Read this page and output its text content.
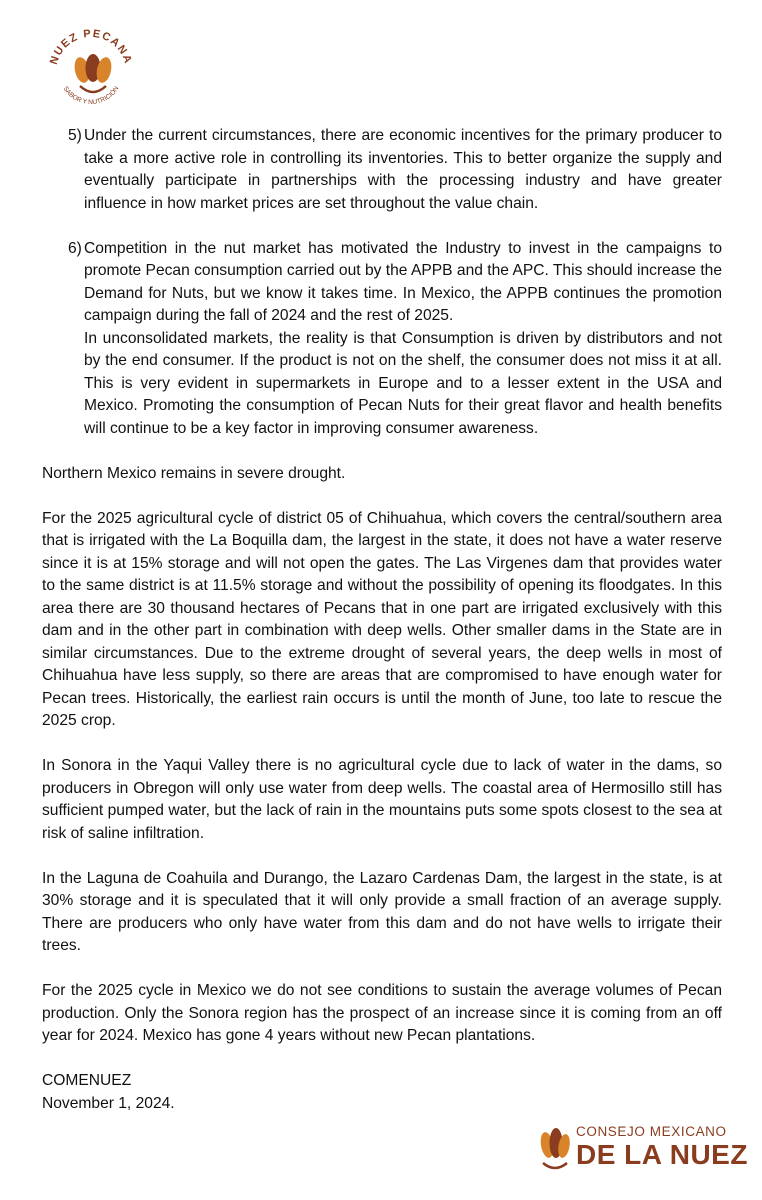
NUEZ PECANA
SABOR Y NUTRICIÓN
5) Under the current circumstances, there are economic incentives for the primary producer to take a more active role in controlling its inventories. This to better organize the supply and eventually participate in partnerships with the processing industry and have greater influence in how market prices are set throughout the value chain.

6) Competition in the nut market has motivated the Industry to invest in the campaigns to promote Pecan consumption carried out by the APPB and the APC. This should increase the Demand for Nuts, but we know it takes time. In Mexico, the APPB continues the promotion campaign during the fall of 2024 and the rest of 2025.

In unconsolidated markets, the reality is that Consumption is driven by distributors and not by the end consumer. If the product is not on the shelf, the consumer does not miss it at all. This is very evident in supermarkets in Europe and to a lesser extent in the USA and Mexico. Promoting the consumption of Pecan Nuts for their great flavor and health benefits will continue to be a key factor in improving consumer awareness.

Northern Mexico remains in severe drought.

For the 2025 agricultural cycle of district 05 of Chihuahua, which covers the central/southern area that is irrigated with the La Boquilla dam, the largest in the state, it does not have a water reserve since it is at 15% storage and will not open the gates. The Las Virgenes dam that provides water to the same district is at 11.5% storage and without the possibility of opening its floodgates. In this area there are 30 thousand hectares of Pecans that in one part are irrigated exclusively with this dam and in the other part in combination with deep wells. Other smaller dams in the State are in similar circumstances. Due to the extreme drought of several years, the deep wells in most of Chihuahua have less supply, so there are areas that are compromised to have enough water for Pecan trees. Historically, the earliest rain occurs is until the month of June, too late to rescue the 2025 crop.

In Sonora in the Yaqui Valley there is no agricultural cycle due to lack of water in the dams, so producers in Obregon will only use water from deep wells. The coastal area of Hermosillo still has sufficient pumped water, but the lack of rain in the mountains puts some spots closest to the sea at risk of saline infiltration.

In the Laguna de Coahuila and Durango, the Lazaro Cardenas Dam, the largest in the state, is at 30% storage and it is speculated that it will only provide a small fraction of an average supply. There are producers who only have water from this dam and do not have wells to irrigate their trees.

For the 2025 cycle in Mexico we do not see conditions to sustain the average volumes of Pecan production. Only the Sonora region has the prospect of an increase since it is coming from an off year for 2024. Mexico has gone 4 years without new Pecan plantations.

COMENUEZ
November 1, 2024.
CONSEJO MEXICANO
DE LA NUEZ
